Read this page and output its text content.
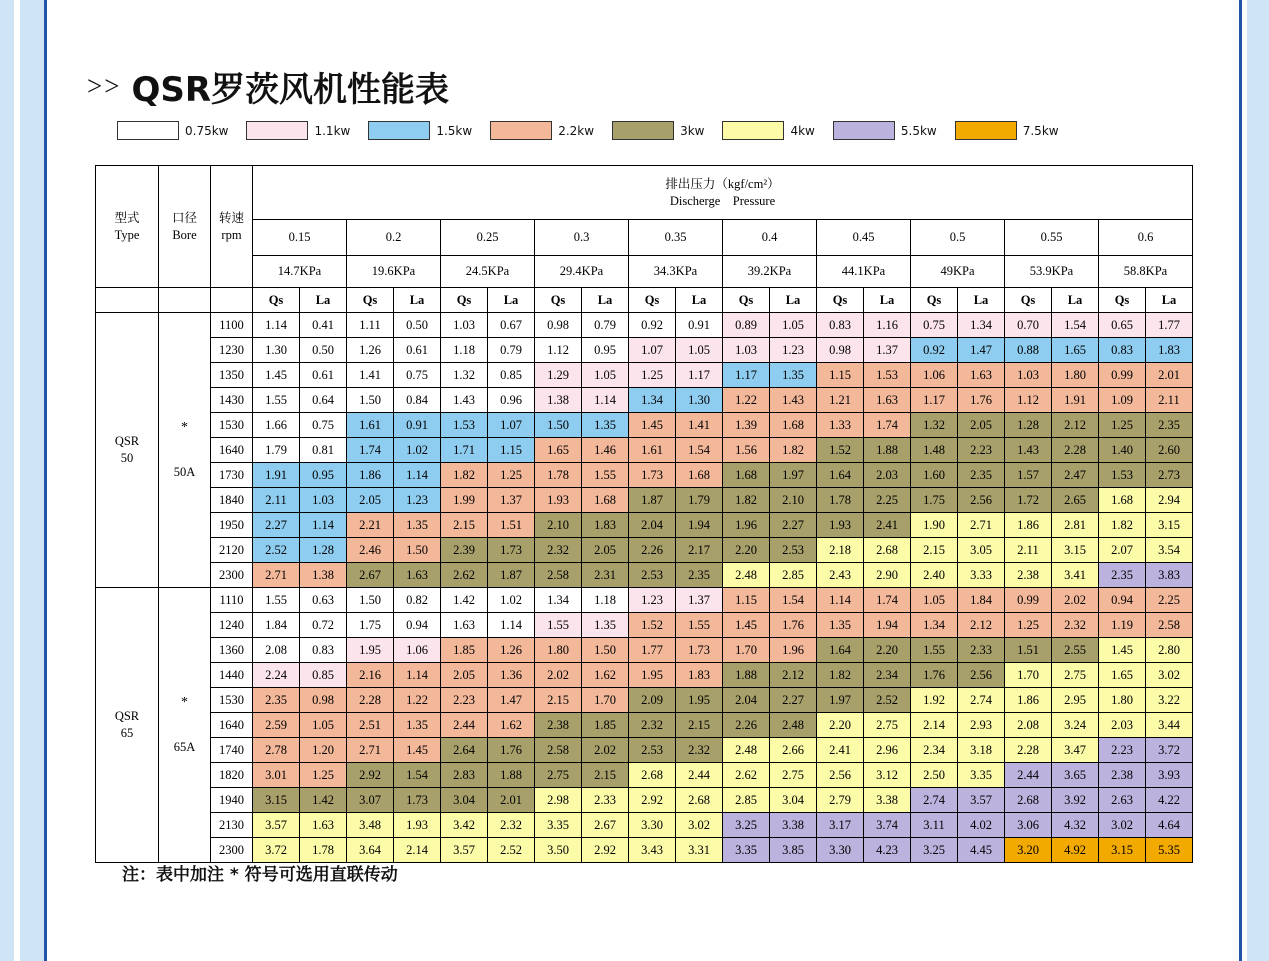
>> QSR罗茨风机性能表
0.75kw	1.1kw	1.5kw	2.2kw	3kw	4kw	5.5kw	7.5kw
型式
Type

口径
Bore

转速
rpm

排出压力（kgf/cm²）
Discherge　Pressure

			0.15		0.2		0.25		0.3		0.35		0.4		0.45		0.5		0.55		0.6	
			14.7KPa		19.6KPa		24.5KPa		29.4KPa		34.3KPa		39.2KPa		44.1KPa		49KPa		53.9KPa		58.8KPa	
			Qs	La	Qs	La	Qs	La	Qs	La	Qs	La	Qs	La	Qs	La	Qs	La	Qs	La	Qs	La
QSR
50	
*
50A
	1100	1.14	0.41	1.11	0.50	1.03	0.67	0.98	0.79	0.92	0.91	0.89	1.05	0.83	1.16	0.75	1.34	0.70	1.54	0.65	1.77
		1230	1.30	0.50	1.26	0.61	1.18	0.79	1.12	0.95	1.07	1.05	1.03	1.23	0.98	1.37	0.92	1.47	0.88	1.65	0.83	1.83
		1350	1.45	0.61	1.41	0.75	1.32	0.85	1.29	1.05	1.25	1.17	1.17	1.35	1.15	1.53	1.06	1.63	1.03	1.80	0.99	2.01
		1430	1.55	0.64	1.50	0.84	1.43	0.96	1.38	1.14	1.34	1.30	1.22	1.43	1.21	1.63	1.17	1.76	1.12	1.91	1.09	2.11
		1530	1.66	0.75	1.61	0.91	1.53	1.07	1.50	1.35	1.45	1.41	1.39	1.68	1.33	1.74	1.32	2.05	1.28	2.12	1.25	2.35
		1640	1.79	0.81	1.74	1.02	1.71	1.15	1.65	1.46	1.61	1.54	1.56	1.82	1.52	1.88	1.48	2.23	1.43	2.28	1.40	2.60
		1730	1.91	0.95	1.86	1.14	1.82	1.25	1.78	1.55	1.73	1.68	1.68	1.97	1.64	2.03	1.60	2.35	1.57	2.47	1.53	2.73
		1840	2.11	1.03	2.05	1.23	1.99	1.37	1.93	1.68	1.87	1.79	1.82	2.10	1.78	2.25	1.75	2.56	1.72	2.65	1.68	2.94
		1950	2.27	1.14	2.21	1.35	2.15	1.51	2.10	1.83	2.04	1.94	1.96	2.27	1.93	2.41	1.90	2.71	1.86	2.81	1.82	3.15
		2120	2.52	1.28	2.46	1.50	2.39	1.73	2.32	2.05	2.26	2.17	2.20	2.53	2.18	2.68	2.15	3.05	2.11	3.15	2.07	3.54
		2300	2.71	1.38	2.67	1.63	2.62	1.87	2.58	2.31	2.53	2.35	2.48	2.85	2.43	2.90	2.40	3.33	2.38	3.41	2.35	3.83
QSR
65	
*
65A
	1110	1.55	0.63	1.50	0.82	1.42	1.02	1.34	1.18	1.23	1.37	1.15	1.54	1.14	1.74	1.05	1.84	0.99	2.02	0.94	2.25
		1240	1.84	0.72	1.75	0.94	1.63	1.14	1.55	1.35	1.52	1.55	1.45	1.76	1.35	1.94	1.34	2.12	1.25	2.32	1.19	2.58
		1360	2.08	0.83	1.95	1.06	1.85	1.26	1.80	1.50	1.77	1.73	1.70	1.96	1.64	2.20	1.55	2.33	1.51	2.55	1.45	2.80
		1440	2.24	0.85	2.16	1.14	2.05	1.36	2.02	1.62	1.95	1.83	1.88	2.12	1.82	2.34	1.76	2.56	1.70	2.75	1.65	3.02
		1530	2.35	0.98	2.28	1.22	2.23	1.47	2.15	1.70	2.09	1.95	2.04	2.27	1.97	2.52	1.92	2.74	1.86	2.95	1.80	3.22
		1640	2.59	1.05	2.51	1.35	2.44	1.62	2.38	1.85	2.32	2.15	2.26	2.48	2.20	2.75	2.14	2.93	2.08	3.24	2.03	3.44
		1740	2.78	1.20	2.71	1.45	2.64	1.76	2.58	2.02	2.53	2.32	2.48	2.66	2.41	2.96	2.34	3.18	2.28	3.47	2.23	3.72
		1820	3.01	1.25	2.92	1.54	2.83	1.88	2.75	2.15	2.68	2.44	2.62	2.75	2.56	3.12	2.50	3.35	2.44	3.65	2.38	3.93
		1940	3.15	1.42	3.07	1.73	3.04	2.01	2.98	2.33	2.92	2.68	2.85	3.04	2.79	3.38	2.74	3.57	2.68	3.92	2.63	4.22
		2130	3.57	1.63	3.48	1.93	3.42	2.32	3.35	2.67	3.30	3.02	3.25	3.38	3.17	3.74	3.11	4.02	3.06	4.32	3.02	4.64
		2300	3.72	1.78	3.64	2.14	3.57	2.52	3.50	2.92	3.43	3.31	3.35	3.85	3.30	4.23	3.25	4.45	3.20	4.92	3.15	5.35
注：表中加注 * 符号可选用直联传动
